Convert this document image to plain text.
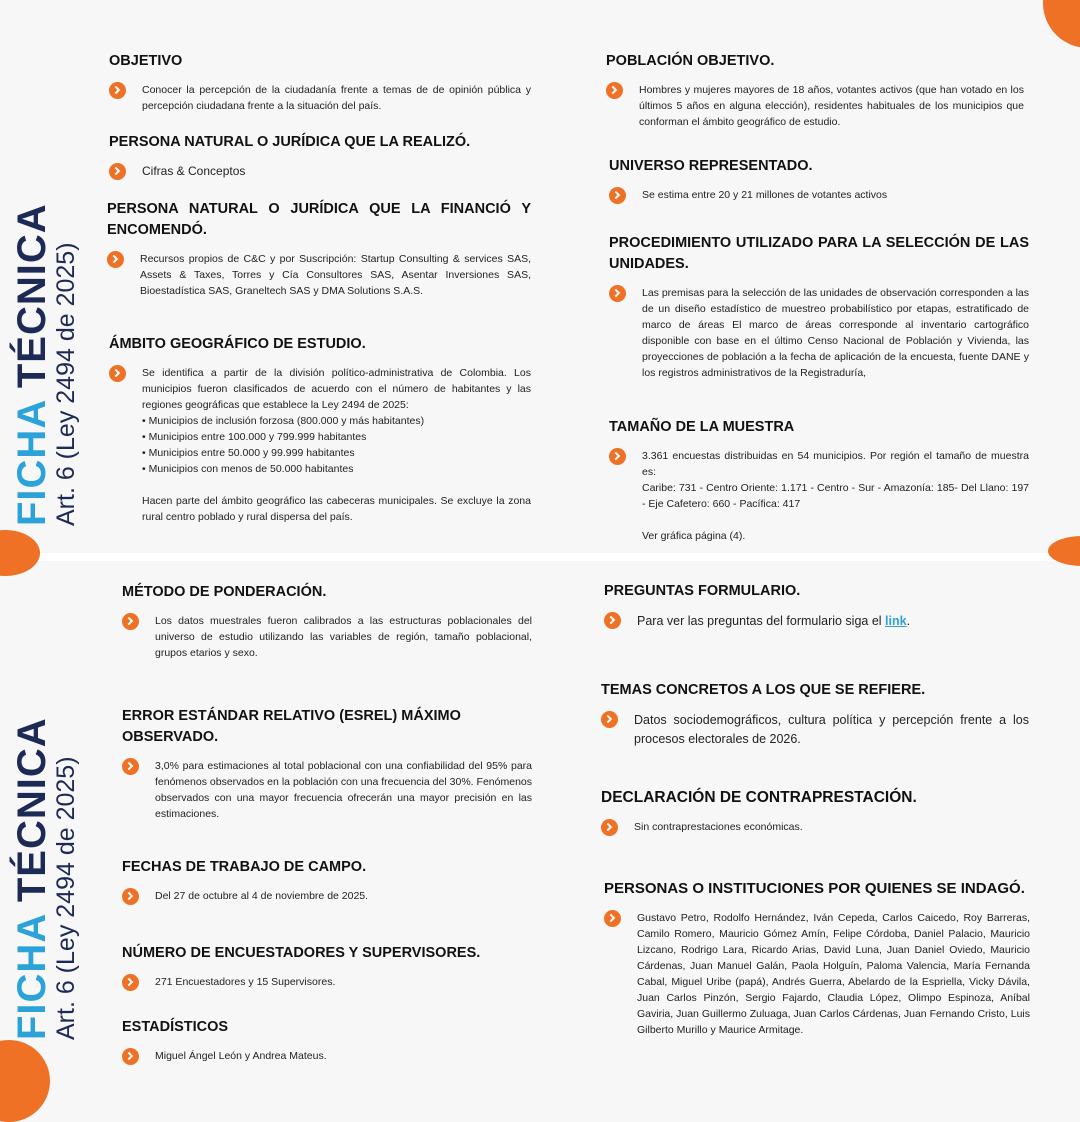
FICHA TÉCNICA
Art. 6 (Ley 2494 de 2025)
FICHA TÉCNICA
Art. 6 (Ley 2494 de 2025)
OBJETIVO
Conocer la percepción de la ciudadanía frente a temas de de opinión pública y percepción ciudadana frente a la situación del país.
PERSONA NATURAL O JURÍDICA QUE LA REALIZÓ.
Cifras & Conceptos
PERSONA NATURAL O JURÍDICA QUE LA FINANCIÓ Y ENCOMENDÓ.
Recursos propios de C&C y por Suscripción: Startup Consulting & services SAS, Assets & Taxes, Torres y Cía Consultores SAS, Asentar Inversiones SAS, Bioestadística SAS, Graneltech SAS y DMA Solutions S.A.S.
ÁMBITO GEOGRÁFICO DE ESTUDIO.

Se identifica a partir de la división político-administrativa de Colombia. Los municipios fueron clasificados de acuerdo con el número de habitantes y las regiones geográficas que establece la Ley 2494 de 2025:

• Municipios de inclusión forzosa (800.000 y más habitantes)
• Municipios entre 100.000 y 799.999 habitantes
• Municipios entre 50.000 y 99.999 habitantes
• Municipios con menos de 50.000 habitantes

Hacen parte del ámbito geográfico las cabeceras municipales. Se excluye la zona rural centro poblado y rural dispersa del país.

POBLACIÓN OBJETIVO.
Hombres y mujeres mayores de 18 años, votantes activos (que han votado en los últimos 5 años en alguna elección), residentes habituales de los municipios que conforman el ámbito geográfico de estudio.
UNIVERSO REPRESENTADO.
Se estima entre 20 y 21 millones de votantes activos
PROCEDIMIENTO UTILIZADO PARA LA SELECCIÓN DE LAS UNIDADES.
Las premisas para la selección de las unidades de observación corresponden a las de un diseño estadístico de muestreo probabilístico por etapas, estratificado de marco de áreas El marco de áreas corresponde al inventario cartográfico disponible con base en el último Censo Nacional de Población y Vivienda, las proyecciones de población a la fecha de aplicación de la encuesta, fuente DANE y los registros administrativos de la Registraduría,
TAMAÑO DE LA MUESTRA

3.361 encuestas distribuidas en 54 municipios. Por región el tamaño de muestra es:

Caribe: 731 - Centro Oriente: 1.171 - Centro - Sur - Amazonía: 185- Del Llano: 197 - Eje Cafetero: 660 - Pacífica: 417

Ver gráfica página (4).

MÉTODO DE PONDERACIÓN.
Los datos muestrales fueron calibrados a las estructuras poblacionales del universo de estudio utilizando las variables de región, tamaño poblacional, grupos etarios y sexo.
ERROR ESTÁNDAR RELATIVO (ESREL) MÁXIMO OBSERVADO.
3,0% para estimaciones al total poblacional con una confiabilidad del 95% para fenómenos observados en la población con una frecuencia del 30%. Fenómenos observados con una mayor frecuencia ofrecerán una mayor precisión en las estimaciones.
FECHAS DE TRABAJO DE CAMPO.
Del 27 de octubre al 4 de noviembre de 2025.
NÚMERO DE ENCUESTADORES Y SUPERVISORES.
271 Encuestadores y 15 Supervisores.
ESTADÍSTICOS
Miguel Ángel León y Andrea Mateus.
PREGUNTAS FORMULARIO.
Para ver las preguntas del formulario siga el link.
TEMAS CONCRETOS A LOS QUE SE REFIERE.
Datos sociodemográficos, cultura política y percepción frente a los procesos electorales de 2026.
DECLARACIÓN DE CONTRAPRESTACIÓN.
Sin contraprestaciones económicas.
PERSONAS O INSTITUCIONES POR QUIENES SE INDAGÓ.
Gustavo Petro, Rodolfo Hernández, Iván Cepeda, Carlos Caicedo, Roy Barreras, Camilo Romero, Mauricio Gómez Amín, Felipe Córdoba, Daniel Palacio, Mauricio Lizcano, Rodrigo Lara, Ricardo Arias, David Luna, Juan Daniel Oviedo, Mauricio Cárdenas, Juan Manuel Galán, Paola Holguín, Paloma Valencia, María Fernanda Cabal, Miguel Uribe (papá), Andrés Guerra, Abelardo de la Espriella, Vicky Dávila, Juan Carlos Pinzón, Sergio Fajardo, Claudia López, Olimpo Espinoza, Aníbal Gaviria, Juan Guillermo Zuluaga, Juan Carlos Cárdenas, Juan Fernando Cristo, Luis Gilberto Murillo y Maurice Armitage.
